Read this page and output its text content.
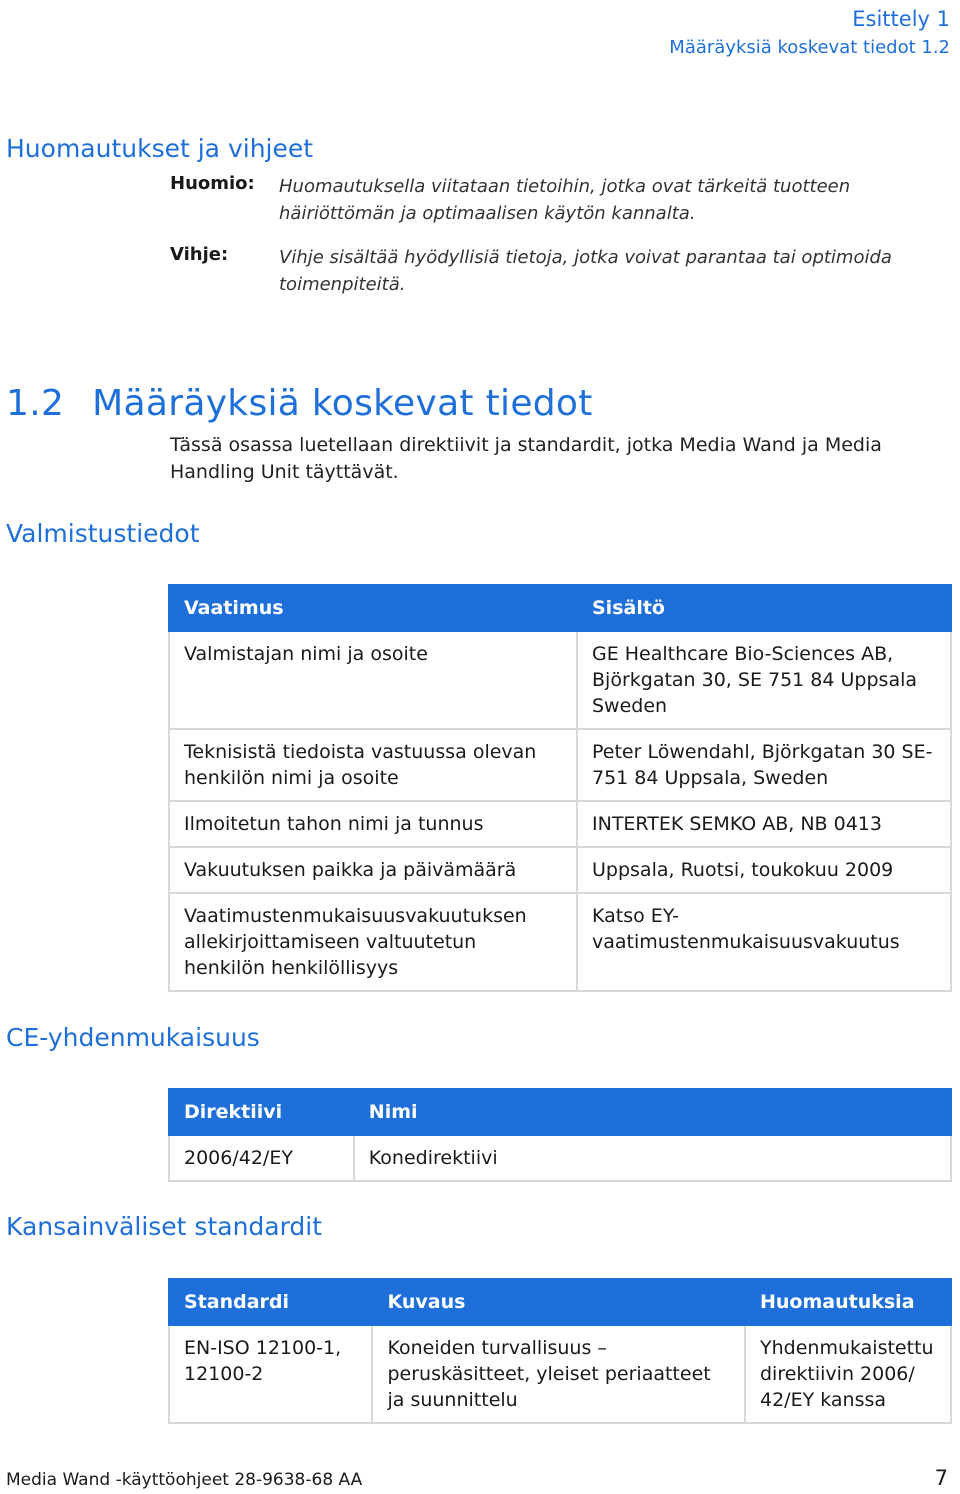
Esittely 1
Määräyksiä koskevat tiedot 1.2
Huomautukset ja vihjeet
Huomio: Huomautuksella viitataan tietoihin, jotka ovat tärkeitä tuotteen häiriöttömän ja optimaalisen käytön kannalta.
Vihje:	Vihje sisältää hyödyllisiä tietoja, jotka voivat parantaa tai optimoida toimenpiteitä.
1.2 Määräyksiä koskevat tiedot
Tässä osassa luetellaan direktiivit ja standardit, jotka Media Wand ja Media Handling Unit täyttävät.
Valmistustiedot
Vaatimus	Sisältö
Valmistajan nimi ja osoite	GE Healthcare Bio-Sciences AB, Björkgatan 30, SE 751 84 Uppsala Sweden
Teknisistä tiedoista vastuussa olevan henkilön nimi ja osoite	Peter Löwendahl, Björkgatan 30 SE-751 84 Uppsala, Sweden
Ilmoitetun tahon nimi ja tunnus	INTERTEK SEMKO AB, NB 0413
Vakuutuksen paikka ja päivämäärä	Uppsala, Ruotsi, toukokuu 2009
Vaatimustenmukaisuusvakuutuksen allekirjoittamiseen valtuutetun henkilön henkilöllisyys	Katso EY-vaatimustenmukaisuusvakuutus
CE-yhdenmukaisuus
Direktiivi	Nimi
2006/42/EY	Konedirektiivi
Kansainväliset standardit
Standardi	Kuvaus	Huomautuksia
EN-ISO 12100-1, 12100-2	Koneiden turvallisuus – peruskäsitteet, yleiset periaatteet ja suunnittelu	Yhdenmukaistettu direktiivin 2006/ 42/EY kanssa
Media Wand -käyttöohjeet 28-9638-68 AA	7
